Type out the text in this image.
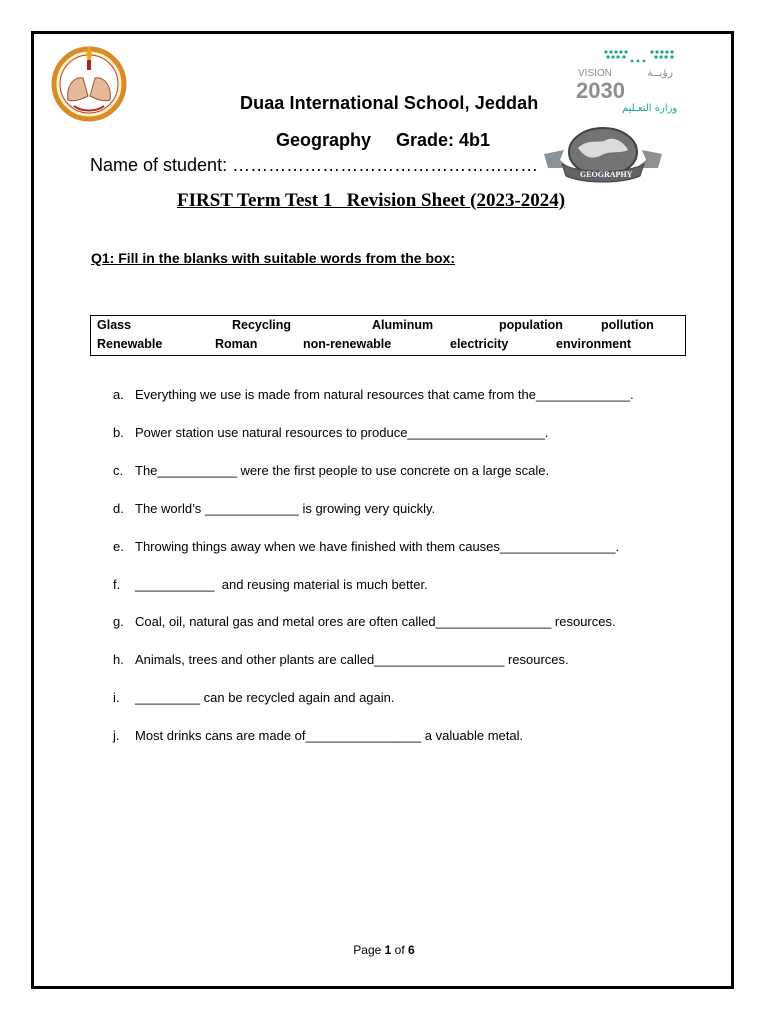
VISION	رؤيــة
2030
وزارة التعـليم
GEOGRAPHY
Duaa International School, Jeddah
Geography     Grade: 4b1
Name of student: ……………………………………………
FIRST Term Test 1   Revision Sheet (2023-2024)
Q1: Fill in the blanks with suitable words from the box:
Glass	Recycling	Aluminum	population	pollution
Renewable	Roman	non-renewable	electricity	environment
a. Everything we use is made from natural resources that came from the_____________.
b. Power station use natural resources to produce___________________.
c. The___________ were the first people to use concrete on a large scale.
d. The world’s _____________ is growing very quickly.
e. Throwing things away when we have finished with them causes________________.
f. ___________  and reusing material is much better.
g. Coal, oil, natural gas and metal ores are often called________________ resources.
h. Animals, trees and other plants are called__________________ resources.
i. _________ can be recycled again and again.
j. Most drinks cans are made of________________ a valuable metal.
Page 1 of 6
